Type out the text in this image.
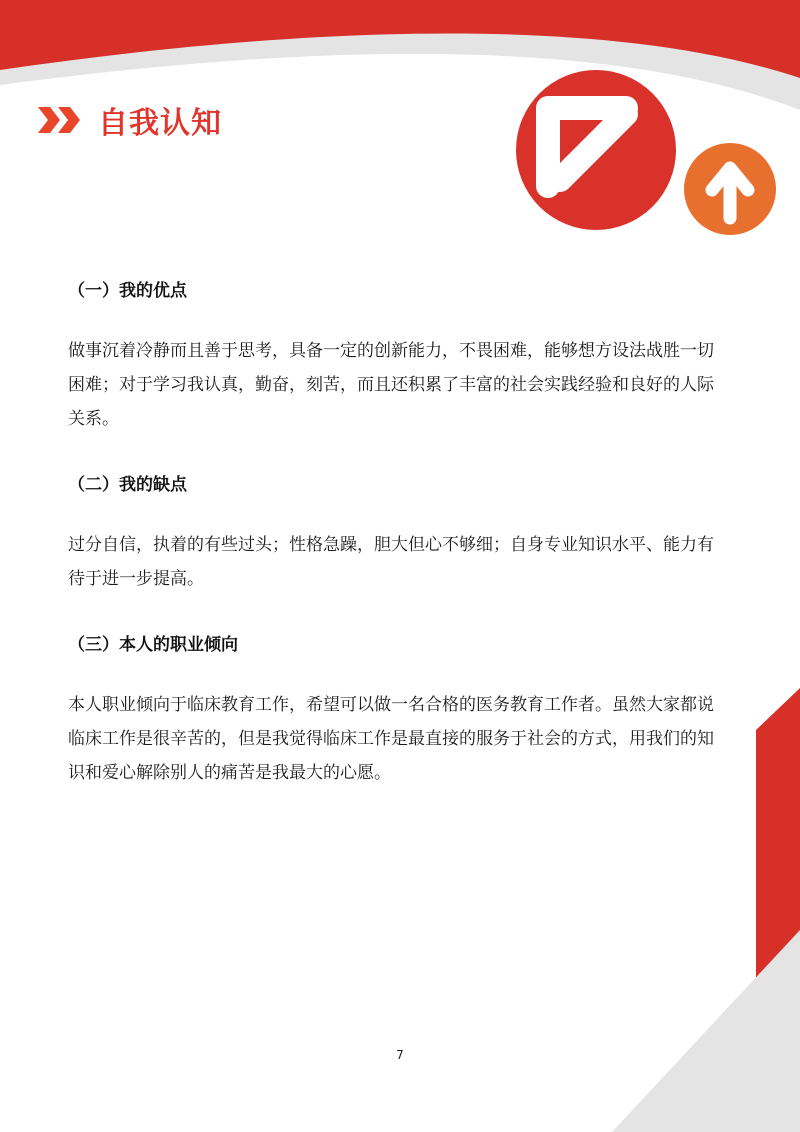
自我认知
（一）我的优点
做事沉着冷静而且善于思考，具备一定的创新能力，不畏困难，能够想方设法战胜一切困难；对于学习我认真，勤奋，刻苦，而且还积累了丰富的社会实践经验和良好的人际关系。
（二）我的缺点
过分自信，执着的有些过头；性格急躁，胆大但心不够细；自身专业知识水平、能力有待于进一步提高。
（三）本人的职业倾向
本人职业倾向于临床教育工作，希望可以做一名合格的医务教育工作者。虽然大家都说临床工作是很辛苦的，但是我觉得临床工作是最直接的服务于社会的方式，用我们的知识和爱心解除别人的痛苦是我最大的心愿。
7
